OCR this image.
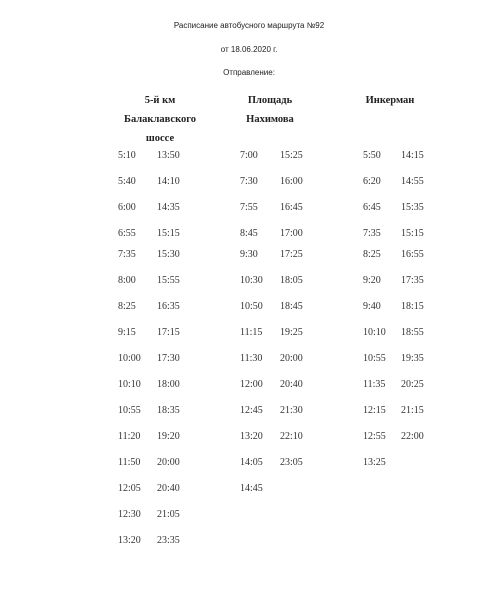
Расписание автобусного маршрута №92
от 18.06.2020 г.
Отправление:
5-й км
Балаклавского
шоссе
Площадь
Нахимова
Инкерман
5:10 13:50
5:40 14:10
6:00 14:35
6:55 15:15
7:35 15:30
8:00 15:55
8:25 16:35
9:15 17:15
10:00 17:30
10:10 18:00
10:55 18:35
11:20 19:20
11:50 20:00
12:05 20:40
12:30 21:05
13:20 23:35
7:00 15:25
7:30 16:00
7:55 16:45
8:45 17:00
9:30 17:25
10:30 18:05
10:50 18:45
11:15 19:25
11:30 20:00
12:00 20:40
12:45 21:30
13:20 22:10
14:05 23:05
14:45
5:50 14:15
6:20 14:55
6:45 15:35
7:35 15:15
8:25 16:55
9:20 17:35
9:40 18:15
10:10 18:55
10:55 19:35
11:35 20:25
12:15 21:15
12:55 22:00
13:25
